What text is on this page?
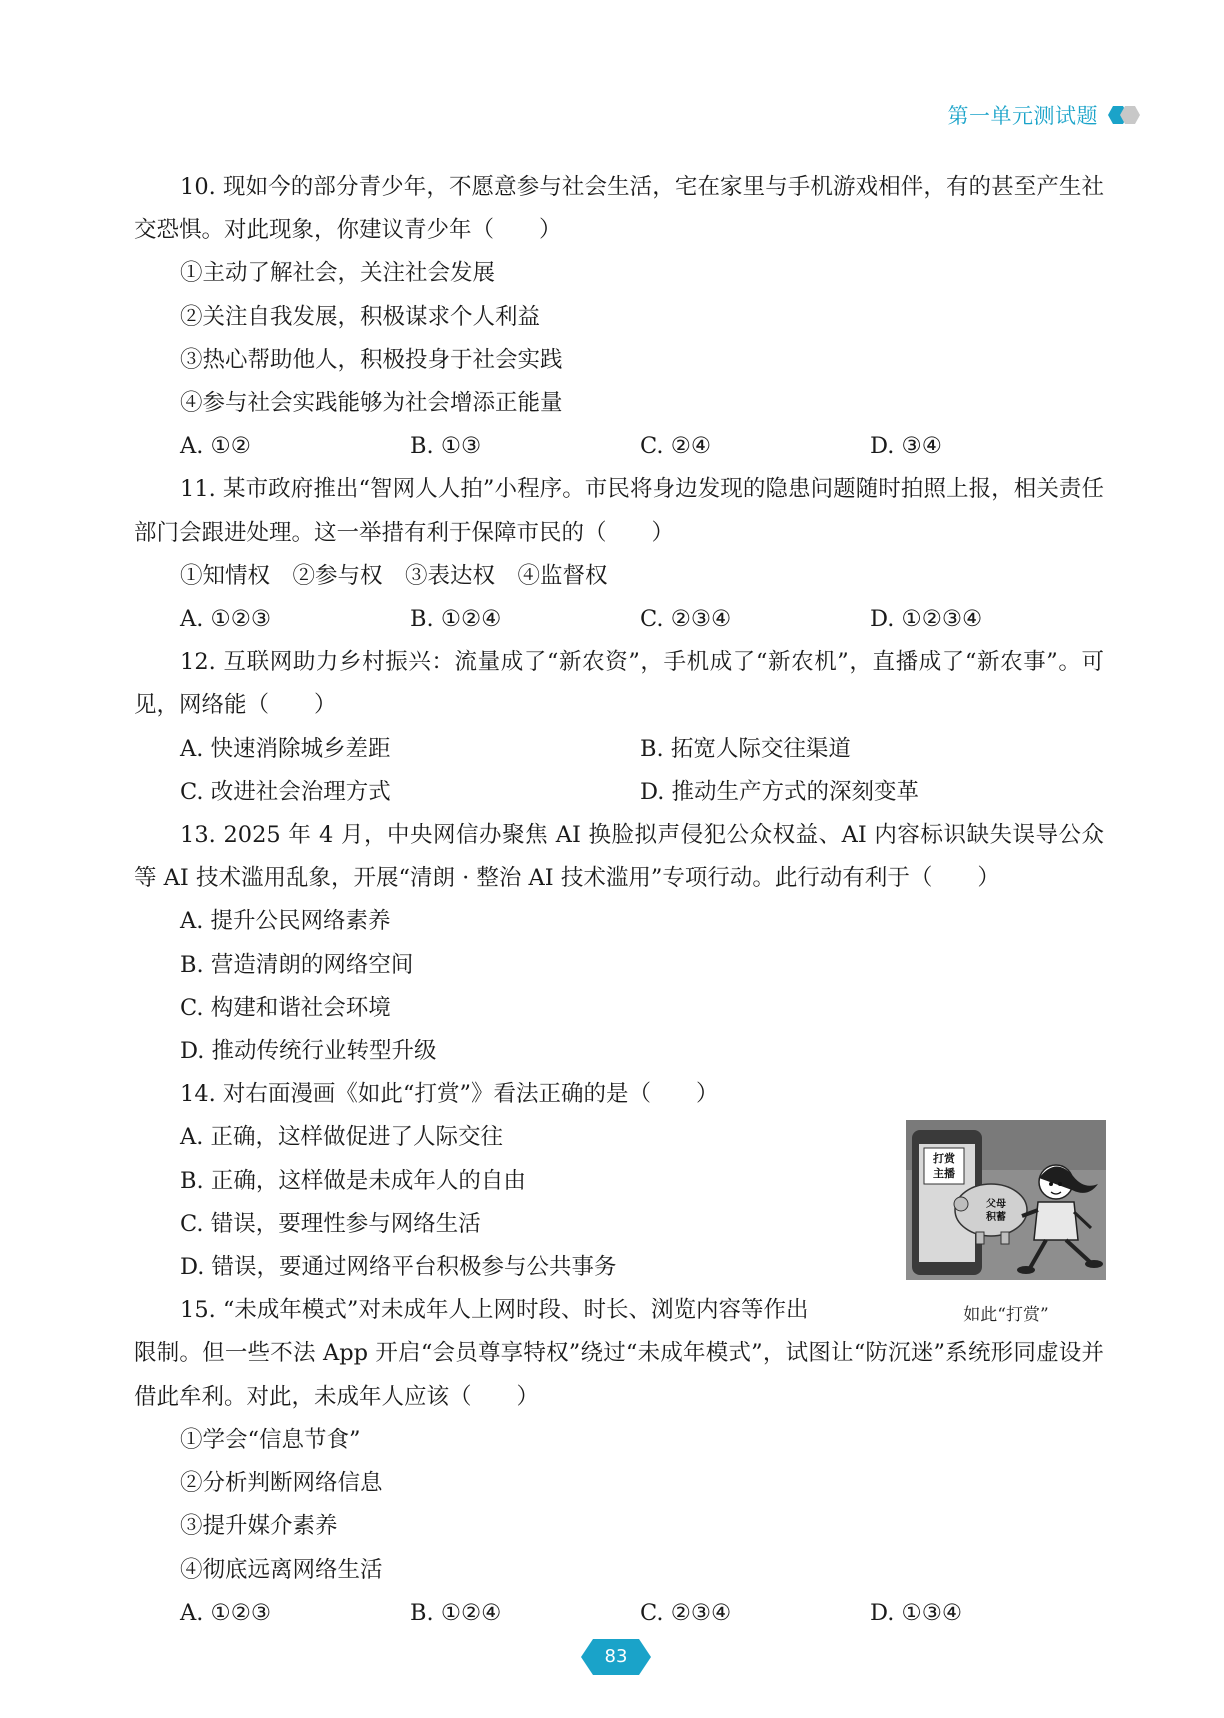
第一单元测试题

10. 现如今的部分青少年，不愿意参与社会生活，宅在家里与手机游戏相伴，有的甚至产生社交恐惧。对此现象，你建议青少年（　　）

①主动了解社会，关注社会发展

②关注自我发展，积极谋求个人利益

③热心帮助他人，积极投身于社会实践

④参与社会实践能够为社会增添正能量

A. ①②	B. ①③	C. ②④	D. ③④

11. 某市政府推出“智网人人拍”小程序。市民将身边发现的隐患问题随时拍照上报，相关责任部门会跟进处理。这一举措有利于保障市民的（　　）

①知情权　②参与权　③表达权　④监督权

A. ①②③	B. ①②④	C. ②③④	D. ①②③④

12. 互联网助力乡村振兴：流量成了“新农资”，手机成了“新农机”，直播成了“新农事”。可见，网络能（　　）

A. 快速消除城乡差距	B. 拓宽人际交往渠道
C. 改进社会治理方式	D. 推动生产方式的深刻变革

13. 2025 年 4 月，中央网信办聚焦 AI 换脸拟声侵犯公众权益、AI 内容标识缺失误导公众等 AI 技术滥用乱象，开展“清朗 · 整治 AI 技术滥用”专项行动。此行动有利于（　　）

A. 提升公民网络素养

B. 营造清朗的网络空间

C. 构建和谐社会环境

D. 推动传统行业转型升级

14. 对右面漫画《如此“打赏”》看法正确的是（　　）

A. 正确，这样做促进了人际交往

B. 正确，这样做是未成年人的自由

C. 错误，要理性参与网络生活

D. 错误，要通过网络平台积极参与公共事务

15. “未成年模式”对未成年人上网时段、时长、浏览内容等作出

限制。但一些不法 App 开启“会员尊享特权”绕过“未成年模式”，试图让“防沉迷”系统形同虚设并借此牟利。对此，未成年人应该（　　）

①学会“信息节食”

②分析判断网络信息

③提升媒介素养

④彻底远离网络生活

A. ①②③	B. ①②④	C. ②③④	D. ①③④
打赏
主播
父母
积蓄
如此“打赏”
83
